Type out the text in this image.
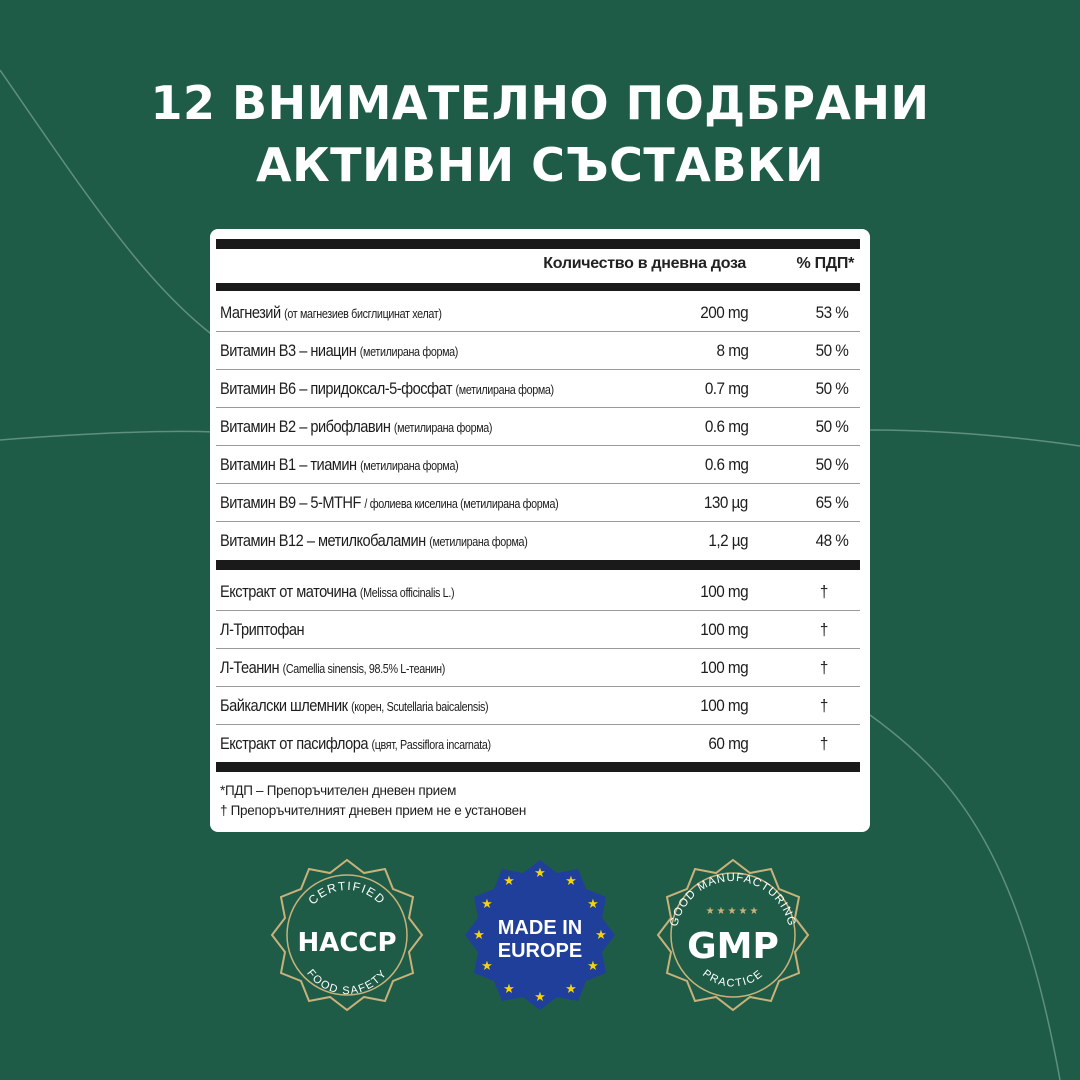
12 ВНИМАТЕЛНО ПОДБРАНИ
АКТИВНИ СЪСТАВКИ
Количество в дневна доза	% ПДП*
Магнезий (от магнезиев бисглицинат хелат)	200 mg	53 %
Витамин B3 – ниацин (метилирана форма)	8 mg	50 %
Витамин B6 – пиридоксал-5-фосфат (метилирана форма)	0.7 mg	50 %
Витамин B2 – рибофлавин (метилирана форма)	0.6 mg	50 %
Витамин B1 – тиамин (метилирана форма)	0.6 mg	50 %
Витамин B9 – 5-MTHF / фолиева киселина (метилирана форма)	130 µg	65 %
Витамин B12 – метилкобаламин (метилирана форма)	1,2 µg	48 %
Екстракт от маточина (Melissa officinalis L.)	100 mg	†
Л-Триптофан	100 mg	†
Л-Теанин (Camellia sinensis, 98.5% L-теанин)	100 mg	†
Байкалски шлемник (корен, Scutellaria baicalensis)	100 mg	†
Екстракт от пасифлора (цвят, Passiflora incarnata)	60 mg	†
*ПДП – Препоръчителен дневен прием
† Препоръчителният дневен прием не е установен
CERTIFIED
HACCP
FOOD SAFETY
★
★
★
★
★
★
★
★
★
★
★
★
MADE IN
EUROPE
GOOD MANUFACTURING
★★★★★
GMP
PRACTICE
